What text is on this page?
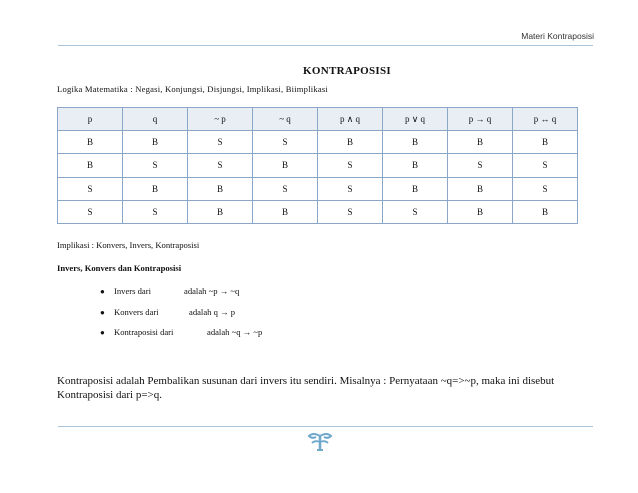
Materi Kontraposisi
KONTRAPOSISI
Logika Matematika : Negasi, Konjungsi, Disjungsi, Implikasi, Biimplikasi
p	q	~ p	~ q	p ∧ q	p ∨ q	p → q	p ↔ q
B	B	S	S	B	B	B	B
B	S	S	B	S	B	S	S
S	B	B	S	S	B	B	S
S	S	B	B	S	S	B	B
Implikasi : Konvers, Invers, Kontraposisi
Invers, Konvers dan Kontraposisi
●	Invers dari	adalah ~p → ~q
●	Konvers dari	adalah q → p
●	Kontraposisi dari	adalah ~q → ~p
Kontraposisi adalah Pembalikan susunan dari invers itu sendiri. Misalnya : Pernyataan ~q=>~p, maka ini disebut Kontraposisi dari p=>q.
